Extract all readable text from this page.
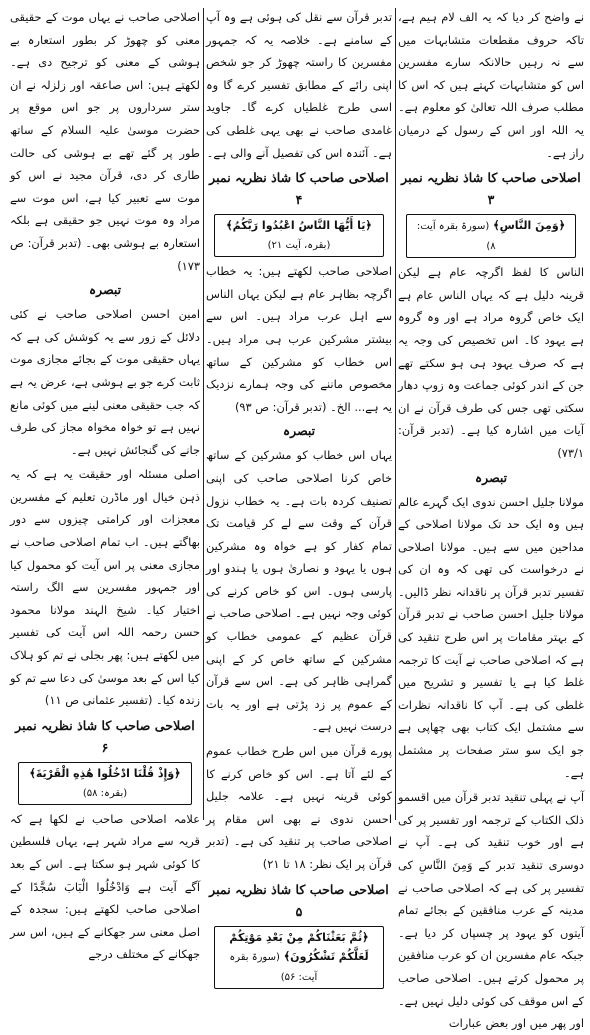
نے واضح کر دیا کہ یہ الف لام ہیم ہے، تاکہ حروف مقطعات متشابہات میں سے نہ رہیں حالانکہ سارے مفسرین اس کو متشابہات کہتے ہیں کہ اس کا مطلب صرف اللہ تعالیٰ کو معلوم ہے۔ یہ اللہ اور اس کے رسول کے درمیان راز ہے۔

اصلاحی صاحب کا شاذ نظریہ نمبر ۳
﴿وَمِنَ النَّاسِ﴾ (سورۃ بقرہ آیت: ۸)

الناس کا لفظ اگرچہ عام ہے لیکن قرینہ دلیل ہے کہ یہاں الناس عام ہے ایک خاص گروہ مراد ہے اور وہ گروہ ہے یہود کا۔ اس تخصیص کی وجہ یہ ہے کہ صرف یہود ہی ہو سکتے تھے جن کے اندر کوئی جماعت وہ زوپ دھار سکتی تھی جس کی طرف قرآن نے ان آیات میں اشارہ کیا ہے۔ (تدبر قرآن: ۷۳/۱)

تبصرہ

مولانا جلیل احسن ندوی ایک گہرے عالم ہیں وہ ایک حد تک مولانا اصلاحی کے مداحین میں سے ہیں۔ مولانا اصلاحی نے درخواست کی تھی کہ وہ ان کی تفسیر تدبر قرآن پر ناقدانہ نظر ڈالیں۔ مولانا جلیل احسن صاحب نے تدبر قرآن کے بہتر مقامات پر اس طرح تنقید کی ہے کہ اصلاحی صاحب نے آیت کا ترجمہ غلط کیا ہے یا تفسیر و تشریح میں غلطی کی ہے۔ آپ کا ناقدانہ نظرات سے مشتمل ایک کتاب بھی چھاپی ہے جو ایک سو ستر صفحات پر مشتمل ہے۔

آپ نے پہلی تنقید تدبر قرآن میں اقسمو ذلک الکتاب کے ترجمہ اور تفسیر پر کی ہے اور خوب تنقید کی ہے۔ آپ نے دوسری تنقید تدبر کے وَمِنَ النَّاسِ کی تفسیر پر کی ہے کہ اصلاحی صاحب نے مدینہ کے عرب منافقین کے بجائے تمام آیتوں کو یہود پر چسپاں کر دیا ہے۔ جبکہ عام مفسرین ان کو عرب منافقین پر محمول کرتے ہیں۔ اصلاحی صاحب کے اس موقف کی کوئی دلیل نہیں ہے۔ اور پھر میں اور بعض عبارات

تدبر قرآن سے نقل کی ہوئی ہے وہ آپ کے سامنے ہے۔ خلاصہ یہ کہ جمہور مفسرین کا راستہ چھوڑ کر جو شخص اپنی رائے کے مطابق تفسیر کرے گا وہ اسی طرح غلطیاں کرے گا۔ جاوید غامدی صاحب نے بھی یہی غلطی کی ہے۔ آئندہ اس کی تفصیل آنے والی ہے۔

اصلاحی صاحب کا شاذ نظریہ نمبر ۴
﴿يَا أَيُّهَا النَّاسُ اعْبُدُوا رَبَّكُمُ﴾ (بقرہ، آیت ۲۱)

اصلاحی صاحب لکھتے ہیں: یہ خطاب اگرچہ بظاہر عام ہے لیکن یہاں الناس سے اہل عرب مراد ہیں۔ اس سے بیشتر مشرکین عرب ہی مراد ہیں۔ اس خطاب کو مشرکین کے ساتھ مخصوص ماننے کی وجہ ہمارے نزدیک یہ ہے... الخ۔ (تدبر قرآن: ص ۹۳)

تبصرہ

یہاں اس خطاب کو مشرکین کے ساتھ خاص کرنا اصلاحی صاحب کی اپنی تصنیف کردہ بات ہے۔ یہ خطاب نزول قرآن کے وقت سے لے کر قیامت تک تمام کفار کو ہے خواہ وہ مشرکین ہوں یا یہود و نصاریٰ ہوں یا ہندو اور پارسی ہوں۔ اس کو خاص کرنے کی کوئی وجہ نہیں ہے۔ اصلاحی صاحب نے قرآن عظیم کے عمومی خطاب کو مشرکین کے ساتھ خاص کر کے اپنی گمراہی ظاہر کی ہے۔ اس سے قرآن کے عموم پر زد پڑتی ہے اور یہ بات درست نہیں ہے۔

پورے قرآن میں اس طرح خطاب عموم کے لئے آتا ہے۔ اس کو خاص کرنے کا کوئی قرینہ نہیں ہے۔ علامہ جلیل احسن ندوی نے بھی اس مقام پر اصلاحی صاحب پر تنقید کی ہے۔ (تدبر قرآن پر ایک نظر: ۱۸ تا ۲۱)

اصلاحی صاحب کا شاذ نظریہ نمبر ۵
﴿ثُمَّ بَعَثْنَاكُمْ مِنْ بَعْدِ مَوْتِكُمْ لَعَلَّكُمْ تَشْكُرُونَ﴾ (سورۃ بقرہ آیت: ۵۶)

اصلاحی صاحب نے یہاں موت کے حقیقی معنی کو چھوڑ کر بطور استعارہ بے ہوشی کے معنی کو ترجیح دی ہے۔ لکھتے ہیں: اس صاعقہ اور زلزلہ نے ان ستر سرداروں پر جو اس موقع پر حضرت موسیٰ علیہ السلام کے ساتھ طور پر گئے تھے بے ہوشی کی حالت طاری کر دی، قرآن مجید نے اس کو موت سے تعبیر کیا ہے، اس موت سے مراد وہ موت نہیں جو حقیقی ہے بلکہ استعارہ بے ہوشی بھی۔ (تدبر قرآن: ص ۱۷۳)

تبصرہ

امین احسن اصلاحی صاحب نے کئی دلائل کے زور سے یہ کوشش کی ہے کہ یہاں حقیقی موت کے بجائے مجازی موت ثابت کرے جو بے ہوشی ہے، عرض یہ ہے کہ جب حقیقی معنی لینے میں کوئی مانع نہیں ہے تو خواہ مخواہ مجاز کی طرف جانے کی گنجائش نہیں ہے۔

اصلی مسئلہ اور حقیقت یہ ہے کہ یہ ذہن خیال اور ماڈرن تعلیم کے مفسرین معجزات اور کرامتی چیزوں سے دور بھاگتے ہیں۔ اب تمام اصلاحی صاحب نے مجازی معنی پر اس آیت کو محمول کیا اور جمہور مفسرین سے الگ راستہ اختیار کیا۔ شیخ الہند مولانا محمود حسن رحمہ اللہ اس آیت کی تفسیر میں لکھتے ہیں: پھر بجلی نے تم کو ہلاک کیا اس کے بعد موسیٰ کی دعا سے تم کو زندہ کیا۔ (تفسیر عثمانی ص ۱۱)

اصلاحی صاحب کا شاذ نظریہ نمبر ۶
﴿وَإِذْ قُلْنَا ادْخُلُوا هَٰذِهِ الْقَرْيَةَ﴾ (بقرہ: ۵۸)

علامہ اصلاحی صاحب نے لکھا ہے کہ قریہ سے مراد شہر ہے، یہاں فلسطین کا کوئی شہر ہو سکتا ہے۔ اس کے بعد آگے آیت ہے وَادْخُلُوا الْبَابَ سُجَّدًا کے اصلاحی صاحب لکھتے ہیں: سجدہ کے اصل معنی سر جھکانے کے ہیں، اس سر جھکانے کے مختلف درجے
